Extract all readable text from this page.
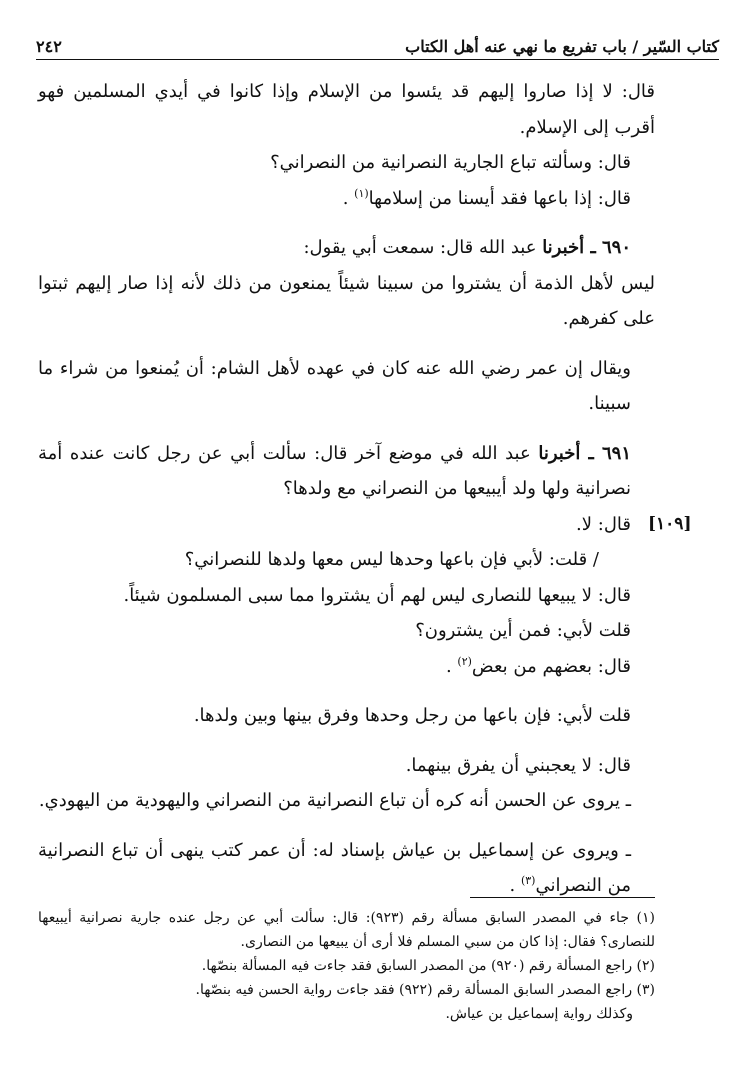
كتاب السّير / باب تفريع ما نهي عنه أهل الكتاب
٢٤٢
[١٠٩]

قال: لا إذا صاروا إليهم قد يئسوا من الإسلام وإذا كانوا في أيدي المسلمين فهو أقرب إلى الإسلام.

قال: وسألته تباع الجارية النصرانية من النصراني؟

قال: إذا باعها فقد أيسنا من إسلامها$^{(١)}$ .

٦٩٠ ـ أخبرنا عبد الله قال: سمعت أبي يقول:

ليس لأهل الذمة أن يشتروا من سبينا شيئاً يمنعون من ذلك لأنه إذا صار إليهم ثبتوا على كفرهم.

ويقال إن عمر رضي الله عنه كان في عهده لأهل الشام: أن يُمنعوا من شراء ما سبينا.

٦٩١ ـ أخبرنا عبد الله في موضع آخر قال: سألت أبي عن رجل كانت عنده أمة نصرانية ولها ولد أيبيعها من النصراني مع ولدها؟

قال: لا.

/ قلت: لأبي فإن باعها وحدها ليس معها ولدها للنصراني؟

قال: لا يبيعها للنصارى ليس لهم أن يشتروا مما سبى المسلمون شيئاً.

قلت لأبي: فمن أين يشترون؟

قال: بعضهم من بعض$^{(٢)}$ .

قلت لأبي: فإن باعها من رجل وحدها وفرق بينها وبين ولدها.

قال: لا يعجبني أن يفرق بينهما.

ـ يروى عن الحسن أنه كره أن تباع النصرانية من النصراني واليهودية من اليهودي.

ـ ويروى عن إسماعيل بن عياش بإسناد له: أن عمر كتب ينهى أن تباع النصرانية من النصراني$^{(٣)}$ .

(١) جاء في المصدر السابق مسألة رقم (٩٢٣): قال: سألت أبي عن رجل عنده جارية نصرانية أيبيعها للنصارى؟ فقال: إذا كان من سبي المسلم فلا أرى أن يبيعها من النصارى.

(٢) راجع المسألة رقم (٩٢٠) من المصدر السابق فقد جاءت فيه المسألة بنصّها.

(٣) راجع المصدر السابق المسألة رقم (٩٢٢) فقد جاءت رواية الحسن فيه بنصّها.

وكذلك رواية إسماعيل بن عياش.
